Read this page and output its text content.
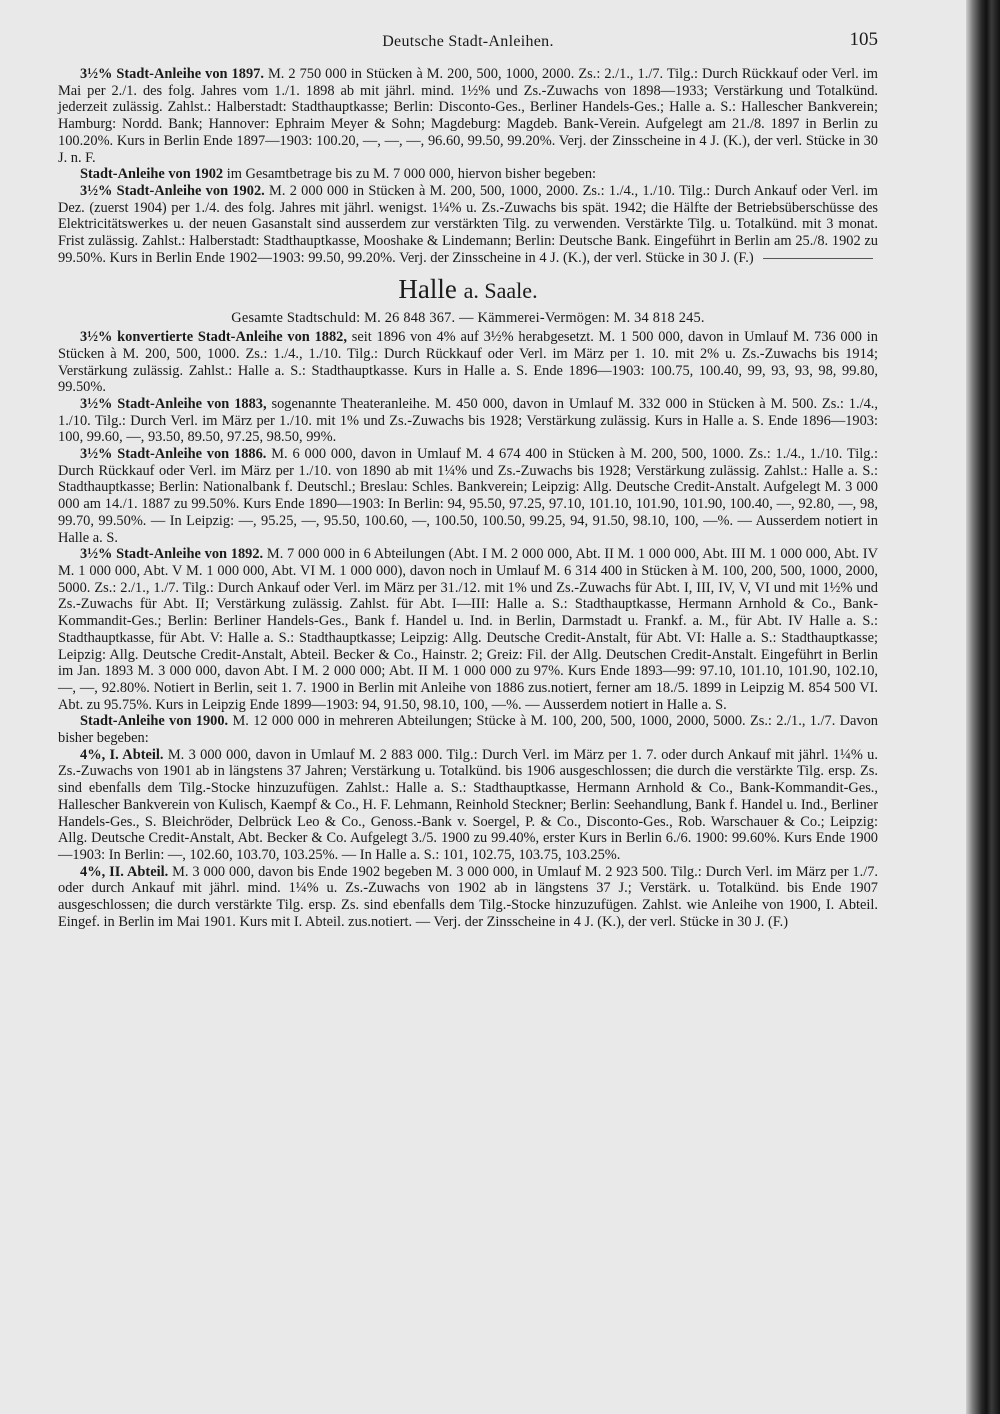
Deutsche Stadt-Anleihen.	105

3½% Stadt-Anleihe von 1897. M. 2 750 000 in Stücken à M. 200, 500, 1000, 2000. Zs.: 2./1., 1./7. Tilg.: Durch Rückkauf oder Verl. im Mai per 2./1. des folg. Jahres vom 1./1. 1898 ab mit jährl. mind. 1½% und Zs.-Zuwachs von 1898—1933; Verstärkung und Totalkünd. jederzeit zulässig. Zahlst.: Halberstadt: Stadthauptkasse; Berlin: Disconto-Ges., Berliner Handels-Ges.; Halle a. S.: Hallescher Bankverein; Hamburg: Nordd. Bank; Hannover: Ephraim Meyer & Sohn; Magdeburg: Magdeb. Bank-Verein. Aufgelegt am 21./8. 1897 in Berlin zu 100.20%. Kurs in Berlin Ende 1897—1903: 100.20, —, —, —, 96.60, 99.50, 99.20%. Verj. der Zinsscheine in 4 J. (K.), der verl. Stücke in 30 J. n. F.

Stadt-Anleihe von 1902 im Gesamtbetrage bis zu M. 7 000 000, hiervon bisher begeben:

3½% Stadt-Anleihe von 1902. M. 2 000 000 in Stücken à M. 200, 500, 1000, 2000. Zs.: 1./4., 1./10. Tilg.: Durch Ankauf oder Verl. im Dez. (zuerst 1904) per 1./4. des folg. Jahres mit jährl. wenigst. 1¼% u. Zs.-Zuwachs bis spät. 1942; die Hälfte der Betriebsüberschüsse des Elektricitätswerkes u. der neuen Gasanstalt sind ausserdem zur verstärkten Tilg. zu verwenden. Verstärkte Tilg. u. Totalkünd. mit 3 monat. Frist zulässig. Zahlst.: Halberstadt: Stadthauptkasse, Mooshake & Lindemann; Berlin: Deutsche Bank. Eingeführt in Berlin am 25./8. 1902 zu 99.50%. Kurs in Berlin Ende 1902—1903: 99.50, 99.20%. Verj. der Zinsscheine in 4 J. (K.), der verl. Stücke in 30 J. (F.)

Halle a. Saale.
Gesamte Stadtschuld: M. 26 848 367. — Kämmerei-Vermögen: M. 34 818 245.

3½% konvertierte Stadt-Anleihe von 1882, seit 1896 von 4% auf 3½% herabgesetzt. M. 1 500 000, davon in Umlauf M. 736 000 in Stücken à M. 200, 500, 1000. Zs.: 1./4., 1./10. Tilg.: Durch Rückkauf oder Verl. im März per 1. 10. mit 2% u. Zs.-Zuwachs bis 1914; Verstärkung zulässig. Zahlst.: Halle a. S.: Stadthauptkasse. Kurs in Halle a. S. Ende 1896—1903: 100.75, 100.40, 99, 93, 93, 98, 99.80, 99.50%.

3½% Stadt-Anleihe von 1883, sogenannte Theateranleihe. M. 450 000, davon in Umlauf M. 332 000 in Stücken à M. 500. Zs.: 1./4., 1./10. Tilg.: Durch Verl. im März per 1./10. mit 1% und Zs.-Zuwachs bis 1928; Verstärkung zulässig. Kurs in Halle a. S. Ende 1896—1903: 100, 99.60, —, 93.50, 89.50, 97.25, 98.50, 99%.

3½% Stadt-Anleihe von 1886. M. 6 000 000, davon in Umlauf M. 4 674 400 in Stücken à M. 200, 500, 1000. Zs.: 1./4., 1./10. Tilg.: Durch Rückkauf oder Verl. im März per 1./10. von 1890 ab mit 1¼% und Zs.-Zuwachs bis 1928; Verstärkung zulässig. Zahlst.: Halle a. S.: Stadthauptkasse; Berlin: Nationalbank f. Deutschl.; Breslau: Schles. Bankverein; Leipzig: Allg. Deutsche Credit-Anstalt. Aufgelegt M. 3 000 000 am 14./1. 1887 zu 99.50%. Kurs Ende 1890—1903: In Berlin: 94, 95.50, 97.25, 97.10, 101.10, 101.90, 101.90, 100.40, —, 92.80, —, 98, 99.70, 99.50%. — In Leipzig: —, 95.25, —, 95.50, 100.60, —, 100.50, 100.50, 99.25, 94, 91.50, 98.10, 100, —%. — Ausserdem notiert in Halle a. S.

3½% Stadt-Anleihe von 1892. M. 7 000 000 in 6 Abteilungen (Abt. I M. 2 000 000, Abt. II M. 1 000 000, Abt. III M. 1 000 000, Abt. IV M. 1 000 000, Abt. V M. 1 000 000, Abt. VI M. 1 000 000), davon noch in Umlauf M. 6 314 400 in Stücken à M. 100, 200, 500, 1000, 2000, 5000. Zs.: 2./1., 1./7. Tilg.: Durch Ankauf oder Verl. im März per 31./12. mit 1% und Zs.-Zuwachs für Abt. I, III, IV, V, VI und mit 1½% und Zs.-Zuwachs für Abt. II; Verstärkung zulässig. Zahlst. für Abt. I—III: Halle a. S.: Stadthauptkasse, Hermann Arnhold & Co., Bank-Kommandit-Ges.; Berlin: Berliner Handels-Ges., Bank f. Handel u. Ind. in Berlin, Darmstadt u. Frankf. a. M., für Abt. IV Halle a. S.: Stadthauptkasse, für Abt. V: Halle a. S.: Stadthauptkasse; Leipzig: Allg. Deutsche Credit-Anstalt, für Abt. VI: Halle a. S.: Stadthauptkasse; Leipzig: Allg. Deutsche Credit-Anstalt, Abteil. Becker & Co., Hainstr. 2; Greiz: Fil. der Allg. Deutschen Credit-Anstalt. Eingeführt in Berlin im Jan. 1893 M. 3 000 000, davon Abt. I M. 2 000 000; Abt. II M. 1 000 000 zu 97%. Kurs Ende 1893—99: 97.10, 101.10, 101.90, 102.10, —, —, 92.80%. Notiert in Berlin, seit 1. 7. 1900 in Berlin mit Anleihe von 1886 zus.notiert, ferner am 18./5. 1899 in Leipzig M. 854 500 VI. Abt. zu 95.75%. Kurs in Leipzig Ende 1899—1903: 94, 91.50, 98.10, 100, —%. — Ausserdem notiert in Halle a. S.

Stadt-Anleihe von 1900. M. 12 000 000 in mehreren Abteilungen; Stücke à M. 100, 200, 500, 1000, 2000, 5000. Zs.: 2./1., 1./7. Davon bisher begeben:

4%, I. Abteil. M. 3 000 000, davon in Umlauf M. 2 883 000. Tilg.: Durch Verl. im März per 1. 7. oder durch Ankauf mit jährl. 1¼% u. Zs.-Zuwachs von 1901 ab in längstens 37 Jahren; Verstärkung u. Totalkünd. bis 1906 ausgeschlossen; die durch die verstärkte Tilg. ersp. Zs. sind ebenfalls dem Tilg.-Stocke hinzuzufügen. Zahlst.: Halle a. S.: Stadthauptkasse, Hermann Arnhold & Co., Bank-Kommandit-Ges., Hallescher Bankverein von Kulisch, Kaempf & Co., H. F. Lehmann, Reinhold Steckner; Berlin: Seehandlung, Bank f. Handel u. Ind., Berliner Handels-Ges., S. Bleichröder, Delbrück Leo & Co., Genoss.-Bank v. Soergel, P. & Co., Disconto-Ges., Rob. Warschauer & Co.; Leipzig: Allg. Deutsche Credit-Anstalt, Abt. Becker & Co. Aufgelegt 3./5. 1900 zu 99.40%, erster Kurs in Berlin 6./6. 1900: 99.60%. Kurs Ende 1900—1903: In Berlin: —, 102.60, 103.70, 103.25%. — In Halle a. S.: 101, 102.75, 103.75, 103.25%.

4%, II. Abteil. M. 3 000 000, davon bis Ende 1902 begeben M. 3 000 000, in Umlauf M. 2 923 500. Tilg.: Durch Verl. im März per 1./7. oder durch Ankauf mit jährl. mind. 1¼% u. Zs.-Zuwachs von 1902 ab in längstens 37 J.; Verstärk. u. Totalkünd. bis Ende 1907 ausgeschlossen; die durch verstärkte Tilg. ersp. Zs. sind ebenfalls dem Tilg.-Stocke hinzuzufügen. Zahlst. wie Anleihe von 1900, I. Abteil. Eingef. in Berlin im Mai 1901. Kurs mit I. Abteil. zus.notiert. — Verj. der Zinsscheine in 4 J. (K.), der verl. Stücke in 30 J. (F.)
